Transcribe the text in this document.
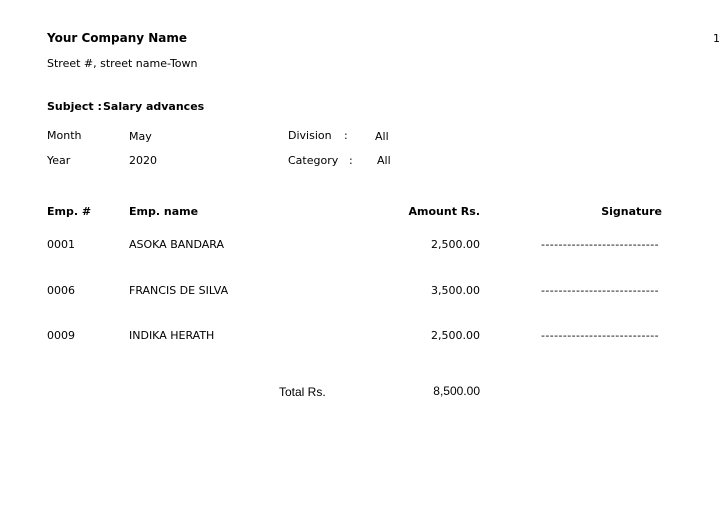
Your Company Name
Street #, street name-Town
1
Subject : Salary advances
Month	May
Year	2020
Division : All
Category : All
Emp. #	Emp. name	Amount Rs.	Signature
0001	ASOKA BANDARA	2,500.00	---------------------------
0006	FRANCIS DE SILVA	3,500.00	---------------------------
0009	INDIKA HERATH	2,500.00	---------------------------
Total Rs.	8,500.00
